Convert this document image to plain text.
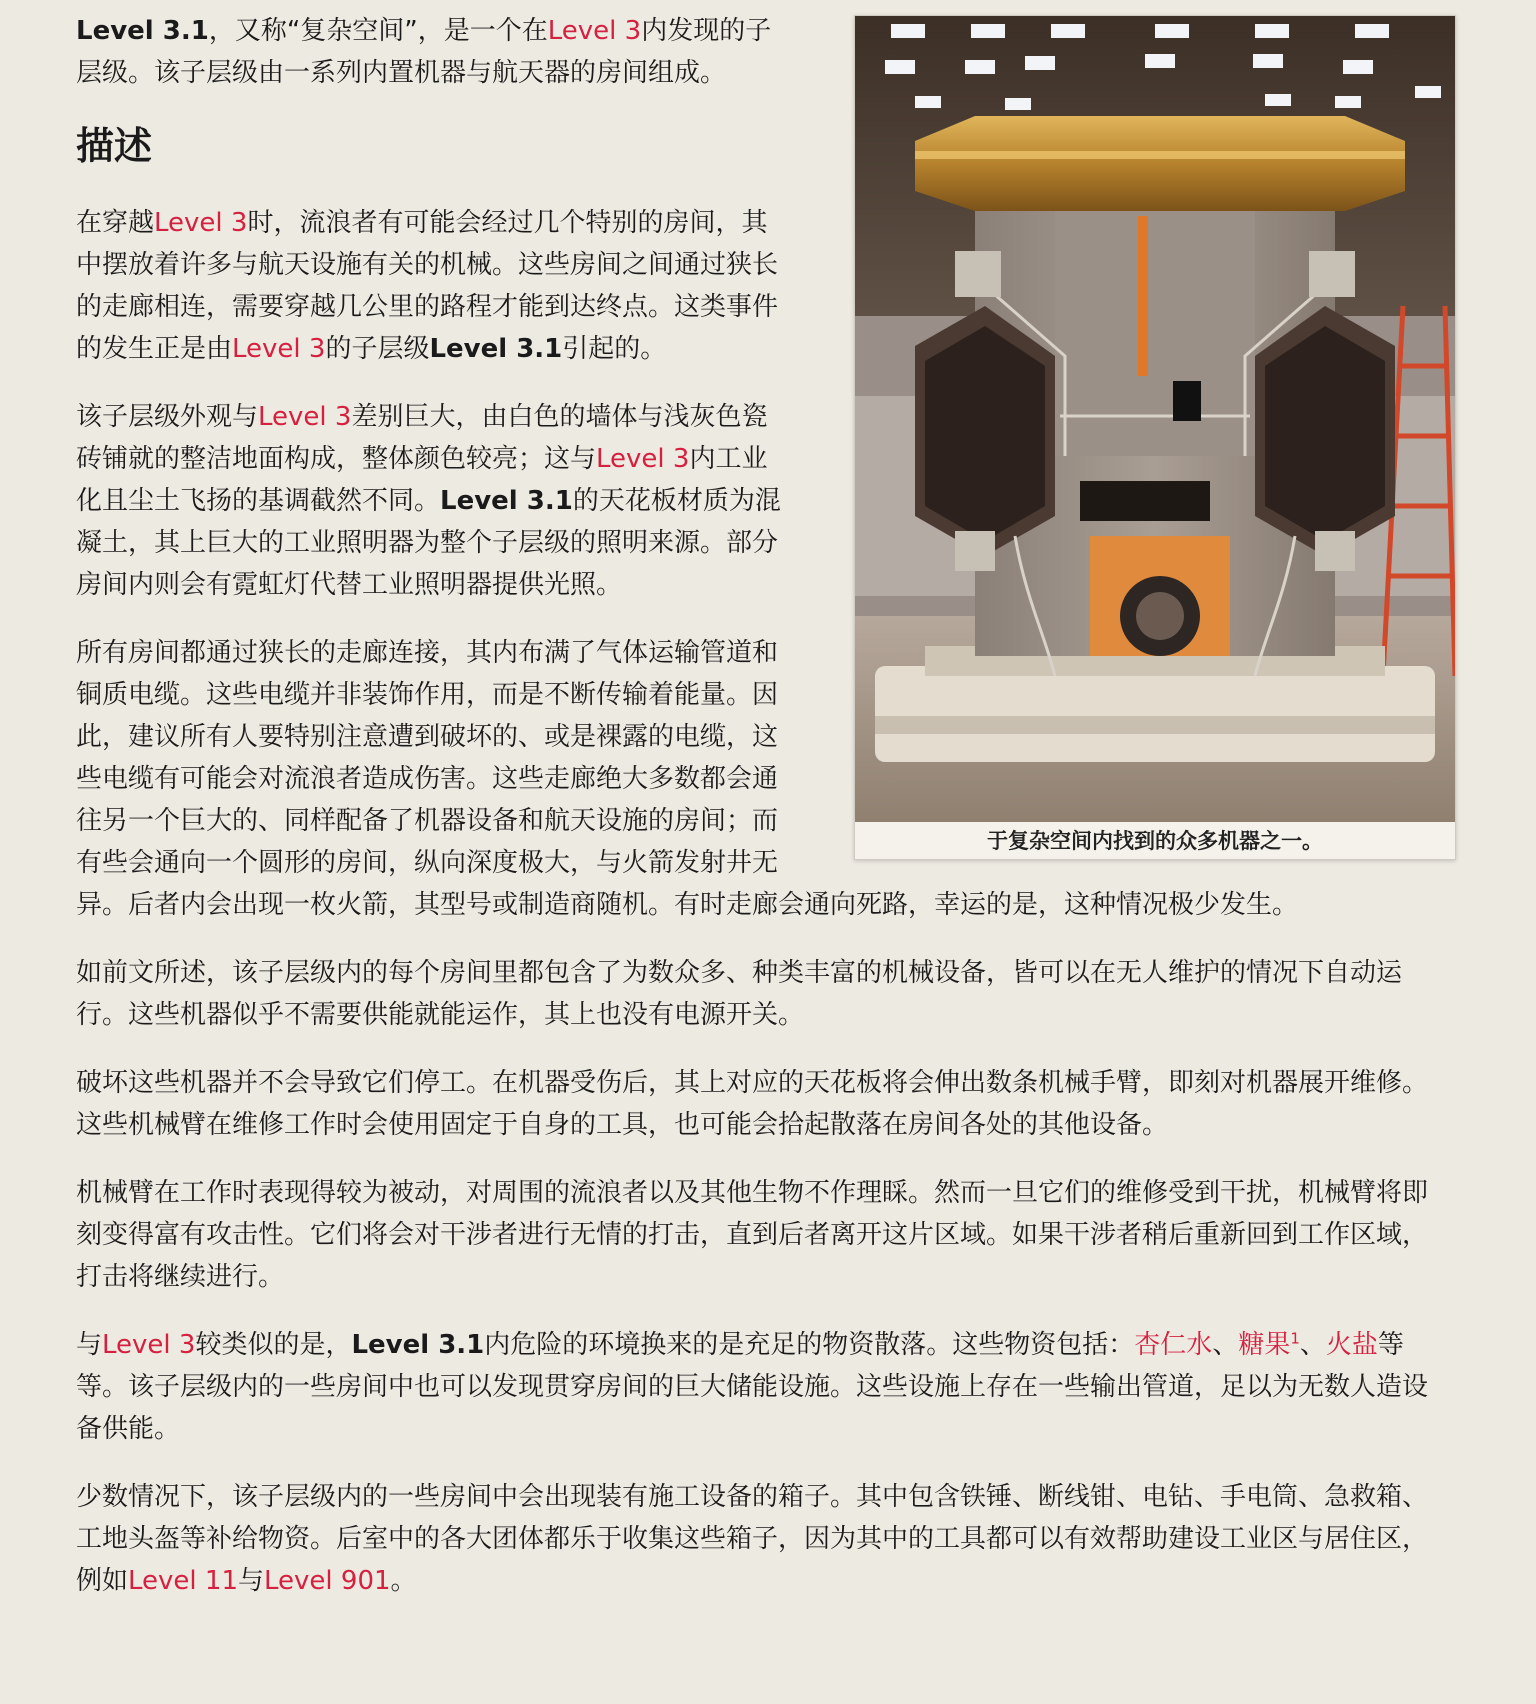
于复杂空间内找到的众多机器之一。

Level 3.1，又称“复杂空间”，是一个在Level 3内发现的子层级。该子层级由一系列内置机器与航天器的房间组成。

描述

在穿越Level 3时，流浪者有可能会经过几个特别的房间，其中摆放着许多与航天设施有关的机械。这些房间之间通过狭长的走廊相连，需要穿越几公里的路程才能到达终点。这类事件的发生正是由Level 3的子层级Level 3.1引起的。

该子层级外观与Level 3差别巨大，由白色的墙体与浅灰色瓷砖铺就的整洁地面构成，整体颜色较亮；这与Level 3内工业化且尘土飞扬的基调截然不同。Level 3.1的天花板材质为混凝土，其上巨大的工业照明器为整个子层级的照明来源。部分房间内则会有霓虹灯代替工业照明器提供光照。

所有房间都通过狭长的走廊连接，其内布满了气体运输管道和铜质电缆。这些电缆并非装饰作用，而是不断传输着能量。因此，建议所有人要特别注意遭到破坏的、或是裸露的电缆，这些电缆有可能会对流浪者造成伤害。这些走廊绝大多数都会通往另一个巨大的、同样配备了机器设备和航天设施的房间；而有些会通向一个圆形的房间，纵向深度极大，与火箭发射井无异。后者内会出现一枚火箭，其型号或制造商随机。有时走廊会通向死路，幸运的是，这种情况极少发生。

如前文所述，该子层级内的每个房间里都包含了为数众多、种类丰富的机械设备，皆可以在无人维护的情况下自动运行。这些机器似乎不需要供能就能运作，其上也没有电源开关。

破坏这些机器并不会导致它们停工。在机器受伤后，其上对应的天花板将会伸出数条机械手臂，即刻对机器展开维修。这些机械臂在维修工作时会使用固定于自身的工具，也可能会拾起散落在房间各处的其他设备。

机械臂在工作时表现得较为被动，对周围的流浪者以及其他生物不作理睬。然而一旦它们的维修受到干扰，机械臂将即刻变得富有攻击性。它们将会对干涉者进行无情的打击，直到后者离开这片区域。如果干涉者稍后重新回到工作区域，打击将继续进行。

与Level 3较类似的是，Level 3.1内危险的环境换来的是充足的物资散落。这些物资包括：杏仁水、糖果$^1$、火盐等等。该子层级内的一些房间中也可以发现贯穿房间的巨大储能设施。这些设施上存在一些输出管道，足以为无数人造设备供能。

少数情况下，该子层级内的一些房间中会出现装有施工设备的箱子。其中包含铁锤、断线钳、电钻、手电筒、急救箱、工地头盔等补给物资。后室中的各大团体都乐于收集这些箱子，因为其中的工具都可以有效帮助建设工业区与居住区，例如Level 11与Level 901。
